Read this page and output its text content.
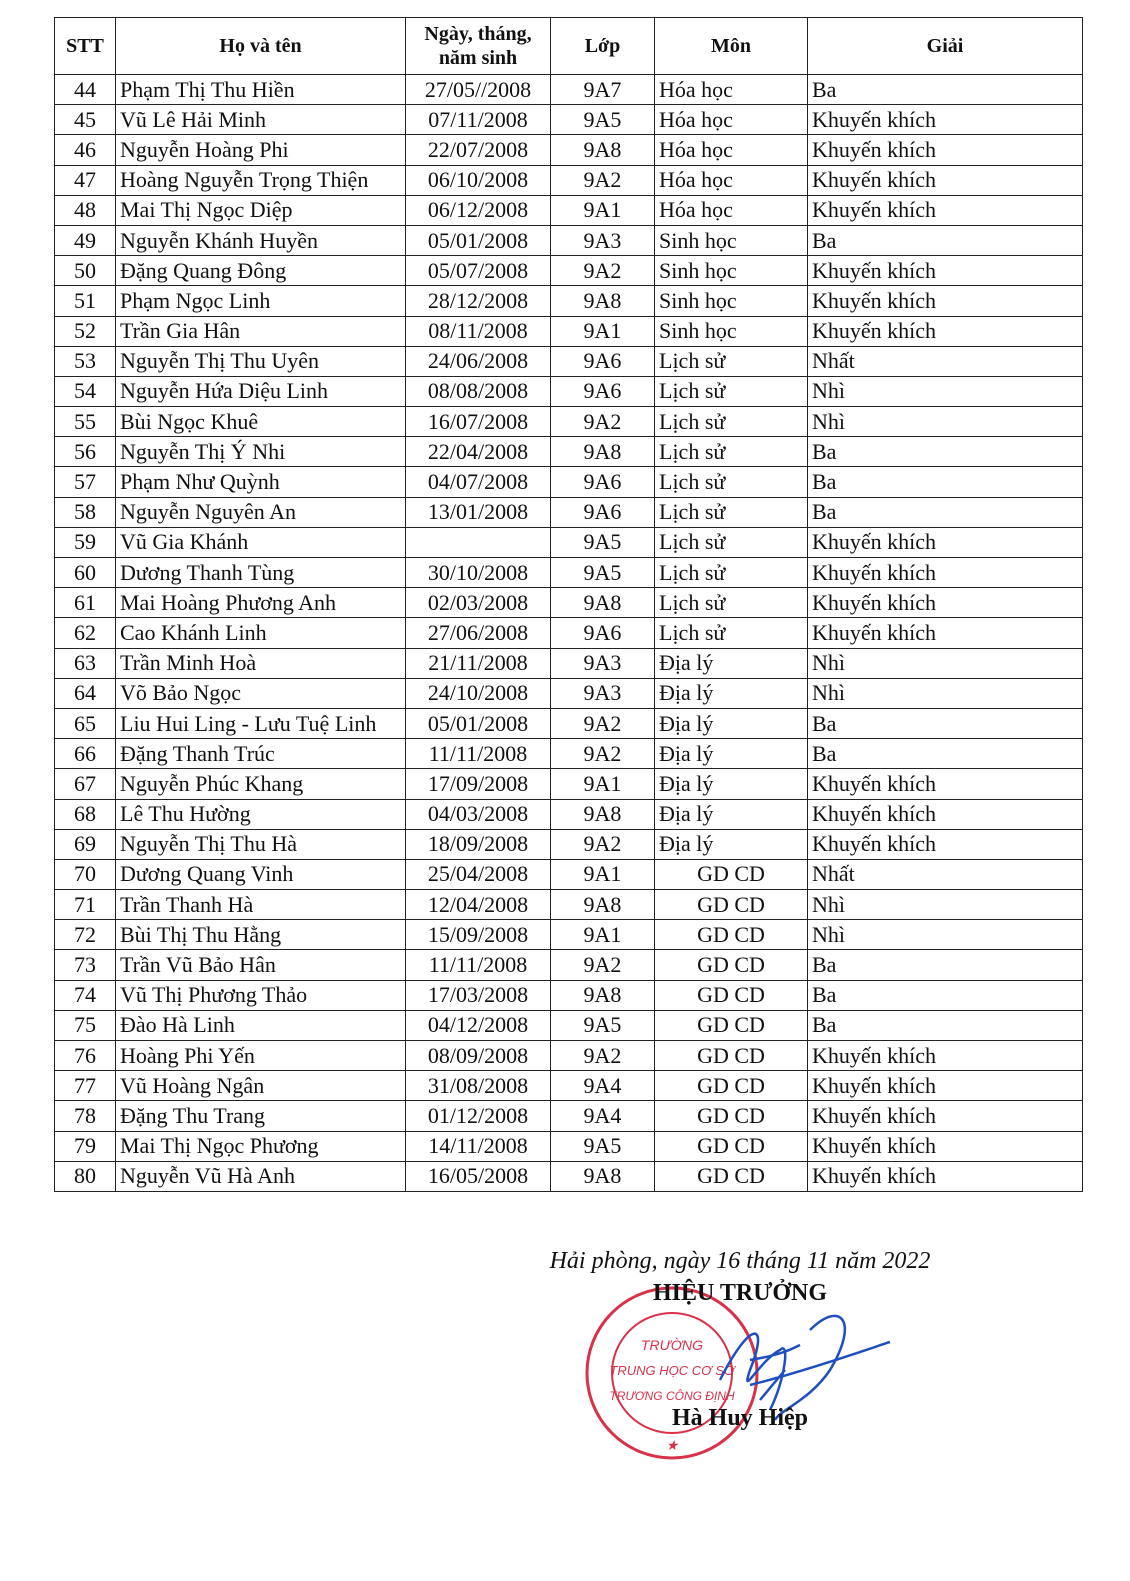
STT	Họ và tên	Ngày, tháng, năm sinh	Lớp	Môn	Giải
44	Phạm Thị Thu Hiền	27/05//2008	9A7	Hóa học	Ba
45	Vũ Lê Hải Minh	07/11/2008	9A5	Hóa học	Khuyến khích
46	Nguyễn Hoàng Phi	22/07/2008	9A8	Hóa học	Khuyến khích
47	Hoàng Nguyễn Trọng Thiện	06/10/2008	9A2	Hóa học	Khuyến khích
48	Mai Thị Ngọc Diệp	06/12/2008	9A1	Hóa học	Khuyến khích
49	Nguyễn Khánh Huyền	05/01/2008	9A3	Sinh học	Ba
50	Đặng Quang Đông	05/07/2008	9A2	Sinh học	Khuyến khích
51	Phạm Ngọc Linh	28/12/2008	9A8	Sinh học	Khuyến khích
52	Trần Gia Hân	08/11/2008	9A1	Sinh học	Khuyến khích
53	Nguyễn Thị Thu Uyên	24/06/2008	9A6	Lịch sử	Nhất
54	Nguyễn Hứa Diệu Linh	08/08/2008	9A6	Lịch sử	Nhì
55	Bùi Ngọc Khuê	16/07/2008	9A2	Lịch sử	Nhì
56	Nguyễn Thị Ý Nhi	22/04/2008	9A8	Lịch sử	Ba
57	Phạm Như Quỳnh	04/07/2008	9A6	Lịch sử	Ba
58	Nguyễn Nguyên An	13/01/2008	9A6	Lịch sử	Ba
59	Vũ Gia Khánh		9A5	Lịch sử	Khuyến khích
60	Dương Thanh Tùng	30/10/2008	9A5	Lịch sử	Khuyến khích
61	Mai Hoàng Phương Anh	02/03/2008	9A8	Lịch sử	Khuyến khích
62	Cao Khánh Linh	27/06/2008	9A6	Lịch sử	Khuyến khích
63	Trần Minh Hoà	21/11/2008	9A3	Địa lý	Nhì
64	Võ Bảo Ngọc	24/10/2008	9A3	Địa lý	Nhì
65	Liu Hui Ling - Lưu Tuệ Linh	05/01/2008	9A2	Địa lý	Ba
66	Đặng Thanh Trúc	11/11/2008	9A2	Địa lý	Ba
67	Nguyễn Phúc Khang	17/09/2008	9A1	Địa lý	Khuyến khích
68	Lê Thu Hường	04/03/2008	9A8	Địa lý	Khuyến khích
69	Nguyễn Thị Thu Hà	18/09/2008	9A2	Địa lý	Khuyến khích
70	Dương Quang Vinh	25/04/2008	9A1	GD CD	Nhất
71	Trần Thanh Hà	12/04/2008	9A8	GD CD	Nhì
72	Bùi Thị Thu Hằng	15/09/2008	9A1	GD CD	Nhì
73	Trần Vũ Bảo Hân	11/11/2008	9A2	GD CD	Ba
74	Vũ Thị Phương Thảo	17/03/2008	9A8	GD CD	Ba
75	Đào Hà Linh	04/12/2008	9A5	GD CD	Ba
76	Hoàng Phi Yến	08/09/2008	9A2	GD CD	Khuyến khích
77	Vũ Hoàng Ngân	31/08/2008	9A4	GD CD	Khuyến khích
78	Đặng Thu Trang	01/12/2008	9A4	GD CD	Khuyến khích
79	Mai Thị Ngọc Phương	14/11/2008	9A5	GD CD	Khuyến khích
80	Nguyễn Vũ Hà Anh	16/05/2008	9A8	GD CD	Khuyến khích
Hải phòng, ngày 16 tháng 11 năm 2022
TRƯỜNG
TRUNG HỌC CƠ SỞ
TRƯƠNG CÔNG ĐỊNH
★
HIỆU TRƯỞNG
Hà Huy Hiệp
